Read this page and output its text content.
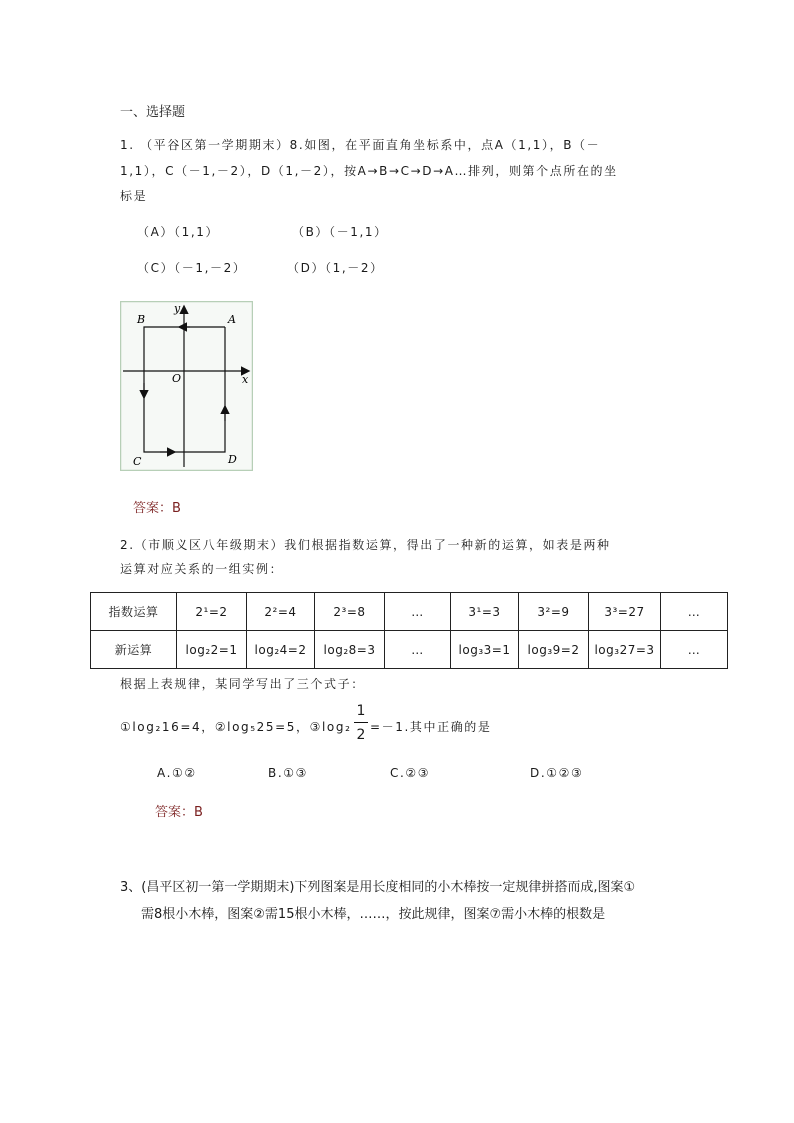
一、选择题
1. （平谷区第一学期期末）8.如图，在平面直角坐标系中，点A（1,1），B（－
1,1），C（－1,－2），D（1,－2），按A→B→C→D→A…排列，则第个点所在的坐
标是
（A）（1,1）	（B）（－1,1）
（C）（－1,－2）	（D）（1,－2）
y
x
O
A
B
C	D
答案：B
2.（市顺义区八年级期末）我们根据指数运算，得出了一种新的运算，如表是两种
运算对应关系的一组实例：
指数运算	2¹=2	2²=4	2³=8	…	3¹=3	3²=9	3³=27	…
新运算	log₂2=1	log₂4=2	log₂8=3	…	log₃3=1	log₃9=2	log₃27=3	…
根据上表规律，某同学写出了三个式子：
①log₂16=4，②log₅25=5，③log₂
1
2 =－1.其中正确的是
A.①②	B.①③	C.②③	D.①②③
答案：B
3、(昌平区初一第一学期期末)下列图案是用长度相同的小木棒按一定规律拼搭而成,图案①
需8根小木棒，图案②需15根小木棒，……，按此规律，图案⑦需小木棒的根数是
